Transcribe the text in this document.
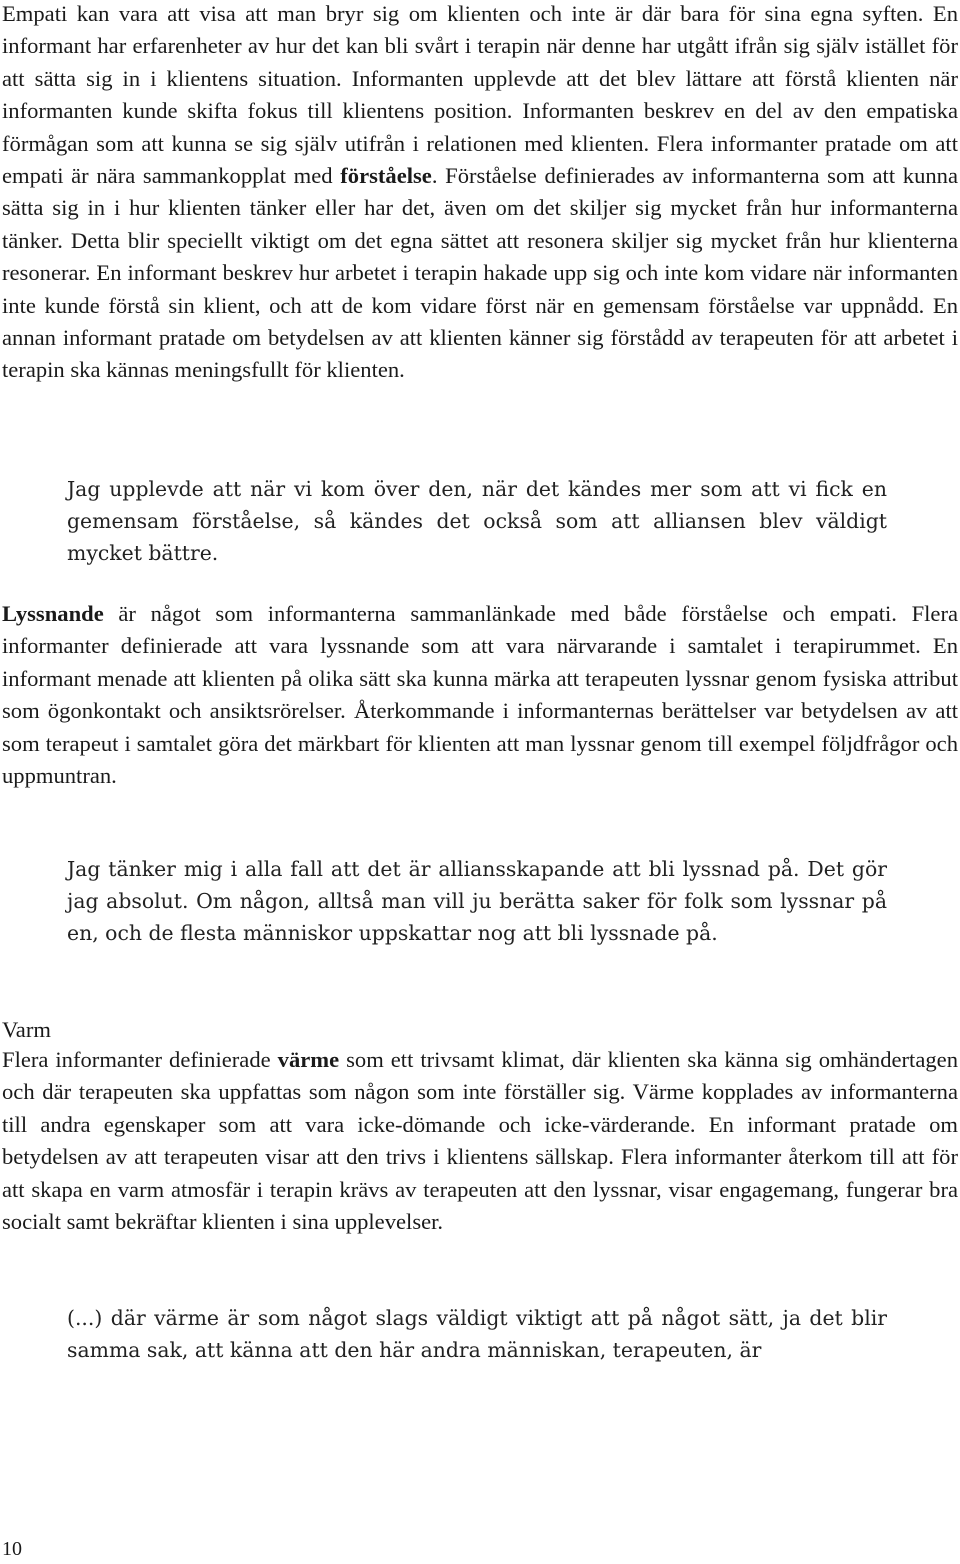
Empati kan vara att visa att man bryr sig om klienten och inte är där bara för sina egna syften. En informant har erfarenheter av hur det kan bli svårt i terapin när denne har utgått ifrån sig själv istället för att sätta sig in i klientens situation. Informanten upplevde att det blev lättare att förstå klienten när informanten kunde skifta fokus till klientens position. Informanten beskrev en del av den empatiska förmågan som att kunna se sig själv utifrån i relationen med klienten. Flera informanter pratade om att empati är nära sammankopplat med förståelse. Förståelse definierades av informanterna som att kunna sätta sig in i hur klienten tänker eller har det, även om det skiljer sig mycket från hur informanterna tänker. Detta blir speciellt viktigt om det egna sättet att resonera skiljer sig mycket från hur klienterna resonerar. En informant beskrev hur arbetet i terapin hakade upp sig och inte kom vidare när informanten inte kunde förstå sin klient, och att de kom vidare först när en gemensam förståelse var uppnådd. En annan informant pratade om betydelsen av att klienten känner sig förstådd av terapeuten för att arbetet i terapin ska kännas meningsfullt för klienten.

Jag upplevde att när vi kom över den, när det kändes mer som att vi fick en gemensam förståelse, så kändes det också som att alliansen blev väldigt mycket bättre.

Lyssnande är något som informanterna sammanlänkade med både förståelse och empati. Flera informanter definierade att vara lyssnande som att vara närvarande i samtalet i terapirummet. En informant menade att klienten på olika sätt ska kunna märka att terapeuten lyssnar genom fysiska attribut som ögonkontakt och ansiktsrörelser. Återkommande i informanternas berättelser var betydelsen av att som terapeut i samtalet göra det märkbart för klienten att man lyssnar genom till exempel följdfrågor och uppmuntran.

Jag tänker mig i alla fall att det är alliansskapande att bli lyssnad på. Det gör jag absolut. Om någon, alltså man vill ju berätta saker för folk som lyssnar på en, och de flesta människor uppskattar nog att bli lyssnade på.

Varm

Flera informanter definierade värme som ett trivsamt klimat, där klienten ska känna sig omhändertagen och där terapeuten ska uppfattas som någon som inte förställer sig. Värme kopplades av informanterna till andra egenskaper som att vara icke-dömande och icke-värderande. En informant pratade om betydelsen av att terapeuten visar att den trivs i klientens sällskap. Flera informanter återkom till att för att skapa en varm atmosfär i terapin krävs av terapeuten att den lyssnar, visar engagemang, fungerar bra socialt samt bekräftar klienten i sina upplevelser.

(...) där värme är som något slags väldigt viktigt att på något sätt, ja det blir samma sak, att känna att den här andra människan, terapeuten, är

10
